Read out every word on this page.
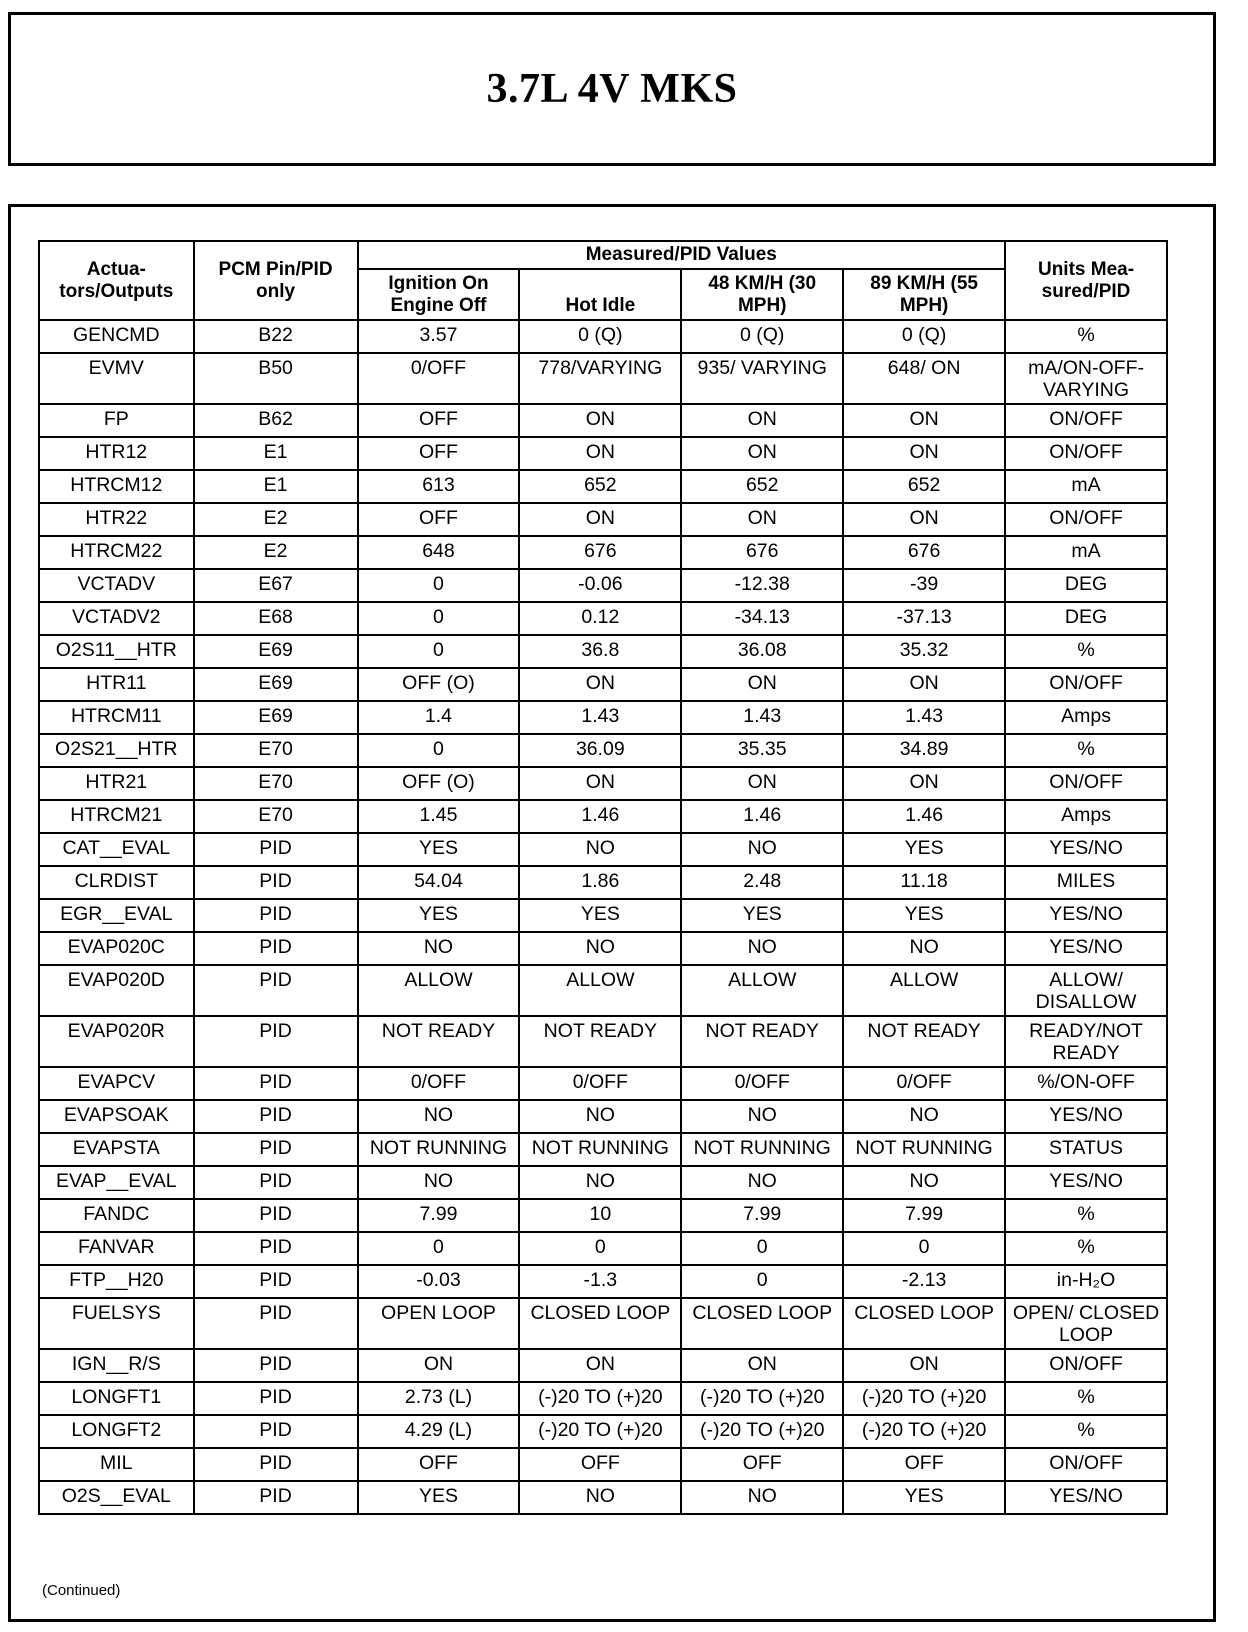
3.7L 4V MKS
Actua-tors/Outputs	PCM Pin/PID only	Measured/PID Values				Units Mea-sured/PID
		Ignition On Engine Off	Hot Idle	48 KM/H (30 MPH)	89 KM/H (55 MPH)	
GENCMD	B22	3.57	0 (Q)	0 (Q)	0 (Q)	%
EVMV	B50	0/OFF	778/VARYING	935/ VARYING	648/ ON	mA/ON-OFF-VARYING
FP	B62	OFF	ON	ON	ON	ON/OFF
HTR12	E1	OFF	ON	ON	ON	ON/OFF
HTRCM12	E1	613	652	652	652	mA
HTR22	E2	OFF	ON	ON	ON	ON/OFF
HTRCM22	E2	648	676	676	676	mA
VCTADV	E67	0	-0.06	-12.38	-39	DEG
VCTADV2	E68	0	0.12	-34.13	-37.13	DEG
O2S11__HTR	E69	0	36.8	36.08	35.32	%
HTR11	E69	OFF (O)	ON	ON	ON	ON/OFF
HTRCM11	E69	1.4	1.43	1.43	1.43	Amps
O2S21__HTR	E70	0	36.09	35.35	34.89	%
HTR21	E70	OFF (O)	ON	ON	ON	ON/OFF
HTRCM21	E70	1.45	1.46	1.46	1.46	Amps
CAT__EVAL	PID	YES	NO	NO	YES	YES/NO
CLRDIST	PID	54.04	1.86	2.48	11.18	MILES
EGR__EVAL	PID	YES	YES	YES	YES	YES/NO
EVAP020C	PID	NO	NO	NO	NO	YES/NO
EVAP020D	PID	ALLOW	ALLOW	ALLOW	ALLOW	ALLOW/ DISALLOW
EVAP020R	PID	NOT READY	NOT READY	NOT READY	NOT READY	READY/NOT READY
EVAPCV	PID	0/OFF	0/OFF	0/OFF	0/OFF	%/ON-OFF
EVAPSOAK	PID	NO	NO	NO	NO	YES/NO
EVAPSTA	PID	NOT RUNNING	NOT RUNNING	NOT RUNNING	NOT RUNNING	STATUS
EVAP__EVAL	PID	NO	NO	NO	NO	YES/NO
FANDC	PID	7.99	10	7.99	7.99	%
FANVAR	PID	0	0	0	0	%
FTP__H20	PID	-0.03	-1.3	0	-2.13	in-H₂O
FUELSYS	PID	OPEN LOOP	CLOSED LOOP	CLOSED LOOP	CLOSED LOOP	OPEN/ CLOSED LOOP
IGN__R/S	PID	ON	ON	ON	ON	ON/OFF
LONGFT1	PID	2.73 (L)	(-)20 TO (+)20	(-)20 TO (+)20	(-)20 TO (+)20	%
LONGFT2	PID	4.29 (L)	(-)20 TO (+)20	(-)20 TO (+)20	(-)20 TO (+)20	%
MIL	PID	OFF	OFF	OFF	OFF	ON/OFF
O2S__EVAL	PID	YES	NO	NO	YES	YES/NO
(Continued)
